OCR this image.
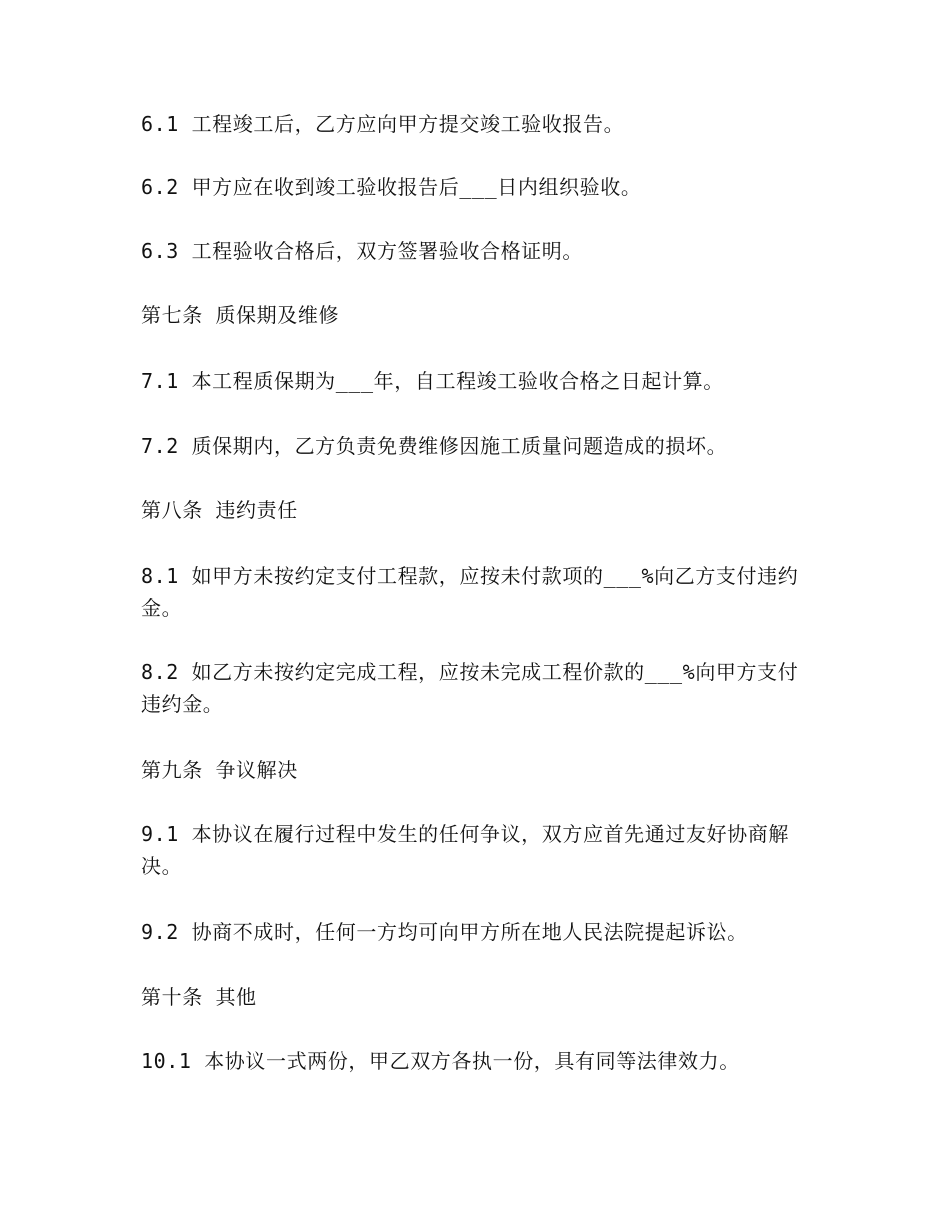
6.1 工程竣工后，乙方应向甲方提交竣工验收报告。

6.2 甲方应在收到竣工验收报告后___日内组织验收。

6.3 工程验收合格后，双方签署验收合格证明。

第七条 质保期及维修

7.1 本工程质保期为___年，自工程竣工验收合格之日起计算。

7.2 质保期内，乙方负责免费维修因施工质量问题造成的损坏。

第八条 违约责任

8.1 如甲方未按约定支付工程款，应按未付款项的___%向乙方支付违约金。

8.2 如乙方未按约定完成工程，应按未完成工程价款的___%向甲方支付违约金。

第九条 争议解决

9.1 本协议在履行过程中发生的任何争议，双方应首先通过友好协商解决。

9.2 协商不成时，任何一方均可向甲方所在地人民法院提起诉讼。

第十条 其他

10.1 本协议一式两份，甲乙双方各执一份，具有同等法律效力。
